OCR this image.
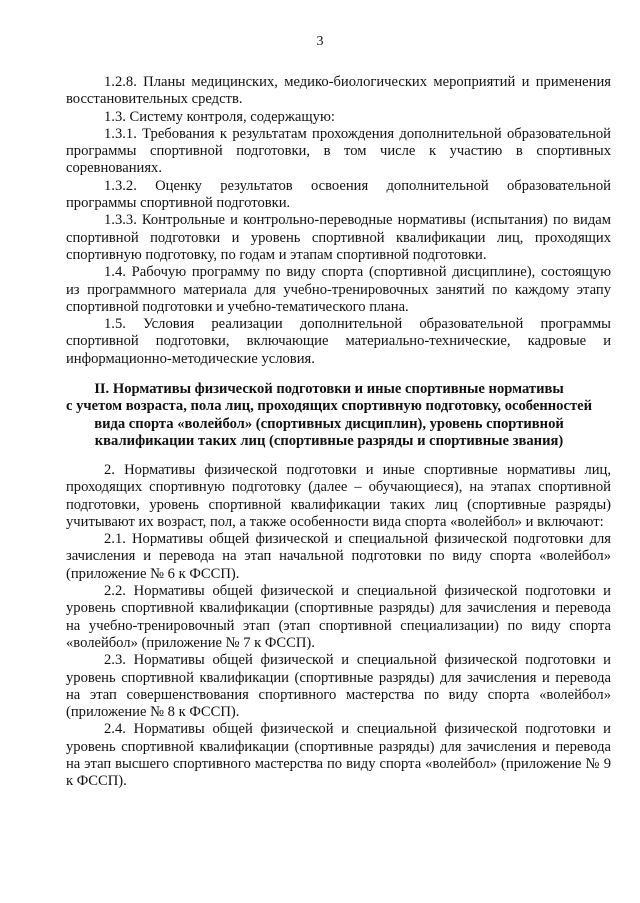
3

1.2.8. Планы медицинских, медико-биологических мероприятий и применения восстановительных средств.

1.3. Систему контроля, содержащую:

1.3.1. Требования к результатам прохождения дополнительной образовательной программы спортивной подготовки, в том числе к участию в спортивных соревнованиях.

1.3.2. Оценку результатов освоения дополнительной образовательной программы спортивной подготовки.

1.3.3. Контрольные и контрольно-переводные нормативы (испытания) по видам спортивной подготовки и уровень спортивной квалификации лиц, проходящих спортивную подготовку, по годам и этапам спортивной подготовки.

1.4. Рабочую программу по виду спорта (спортивной дисциплине), состоящую из программного материала для учебно-тренировочных занятий по каждому этапу спортивной подготовки и учебно-тематического плана.

1.5. Условия реализации дополнительной образовательной программы спортивной подготовки, включающие материально-технические, кадровые и информационно-методические условия.

II. Нормативы физической подготовки и иные спортивные нормативы
с учетом возраста, пола лиц, проходящих спортивную подготовку, особенностей
вида спорта «волейбол» (спортивных дисциплин), уровень спортивной
квалификации таких лиц (спортивные разряды и спортивные звания)

2. Нормативы физической подготовки и иные спортивные нормативы лиц, проходящих спортивную подготовку (далее – обучающиеся), на этапах спортивной подготовки, уровень спортивной квалификации таких лиц (спортивные разряды) учитывают их возраст, пол, а также особенности вида спорта «волейбол» и включают:

2.1. Нормативы общей физической и специальной физической подготовки для зачисления и перевода на этап начальной подготовки по виду спорта «волейбол» (приложение № 6 к ФССП).

2.2. Нормативы общей физической и специальной физической подготовки и уровень спортивной квалификации (спортивные разряды) для зачисления и перевода на учебно-тренировочный этап (этап спортивной специализации) по виду спорта «волейбол» (приложение № 7 к ФССП).

2.3. Нормативы общей физической и специальной физической подготовки и уровень спортивной квалификации (спортивные разряды) для зачисления и перевода на этап совершенствования спортивного мастерства по виду спорта «волейбол» (приложение № 8 к ФССП).

2.4. Нормативы общей физической и специальной физической подготовки и уровень спортивной квалификации (спортивные разряды) для зачисления и перевода на этап высшего спортивного мастерства по виду спорта «волейбол» (приложение № 9 к ФССП).
